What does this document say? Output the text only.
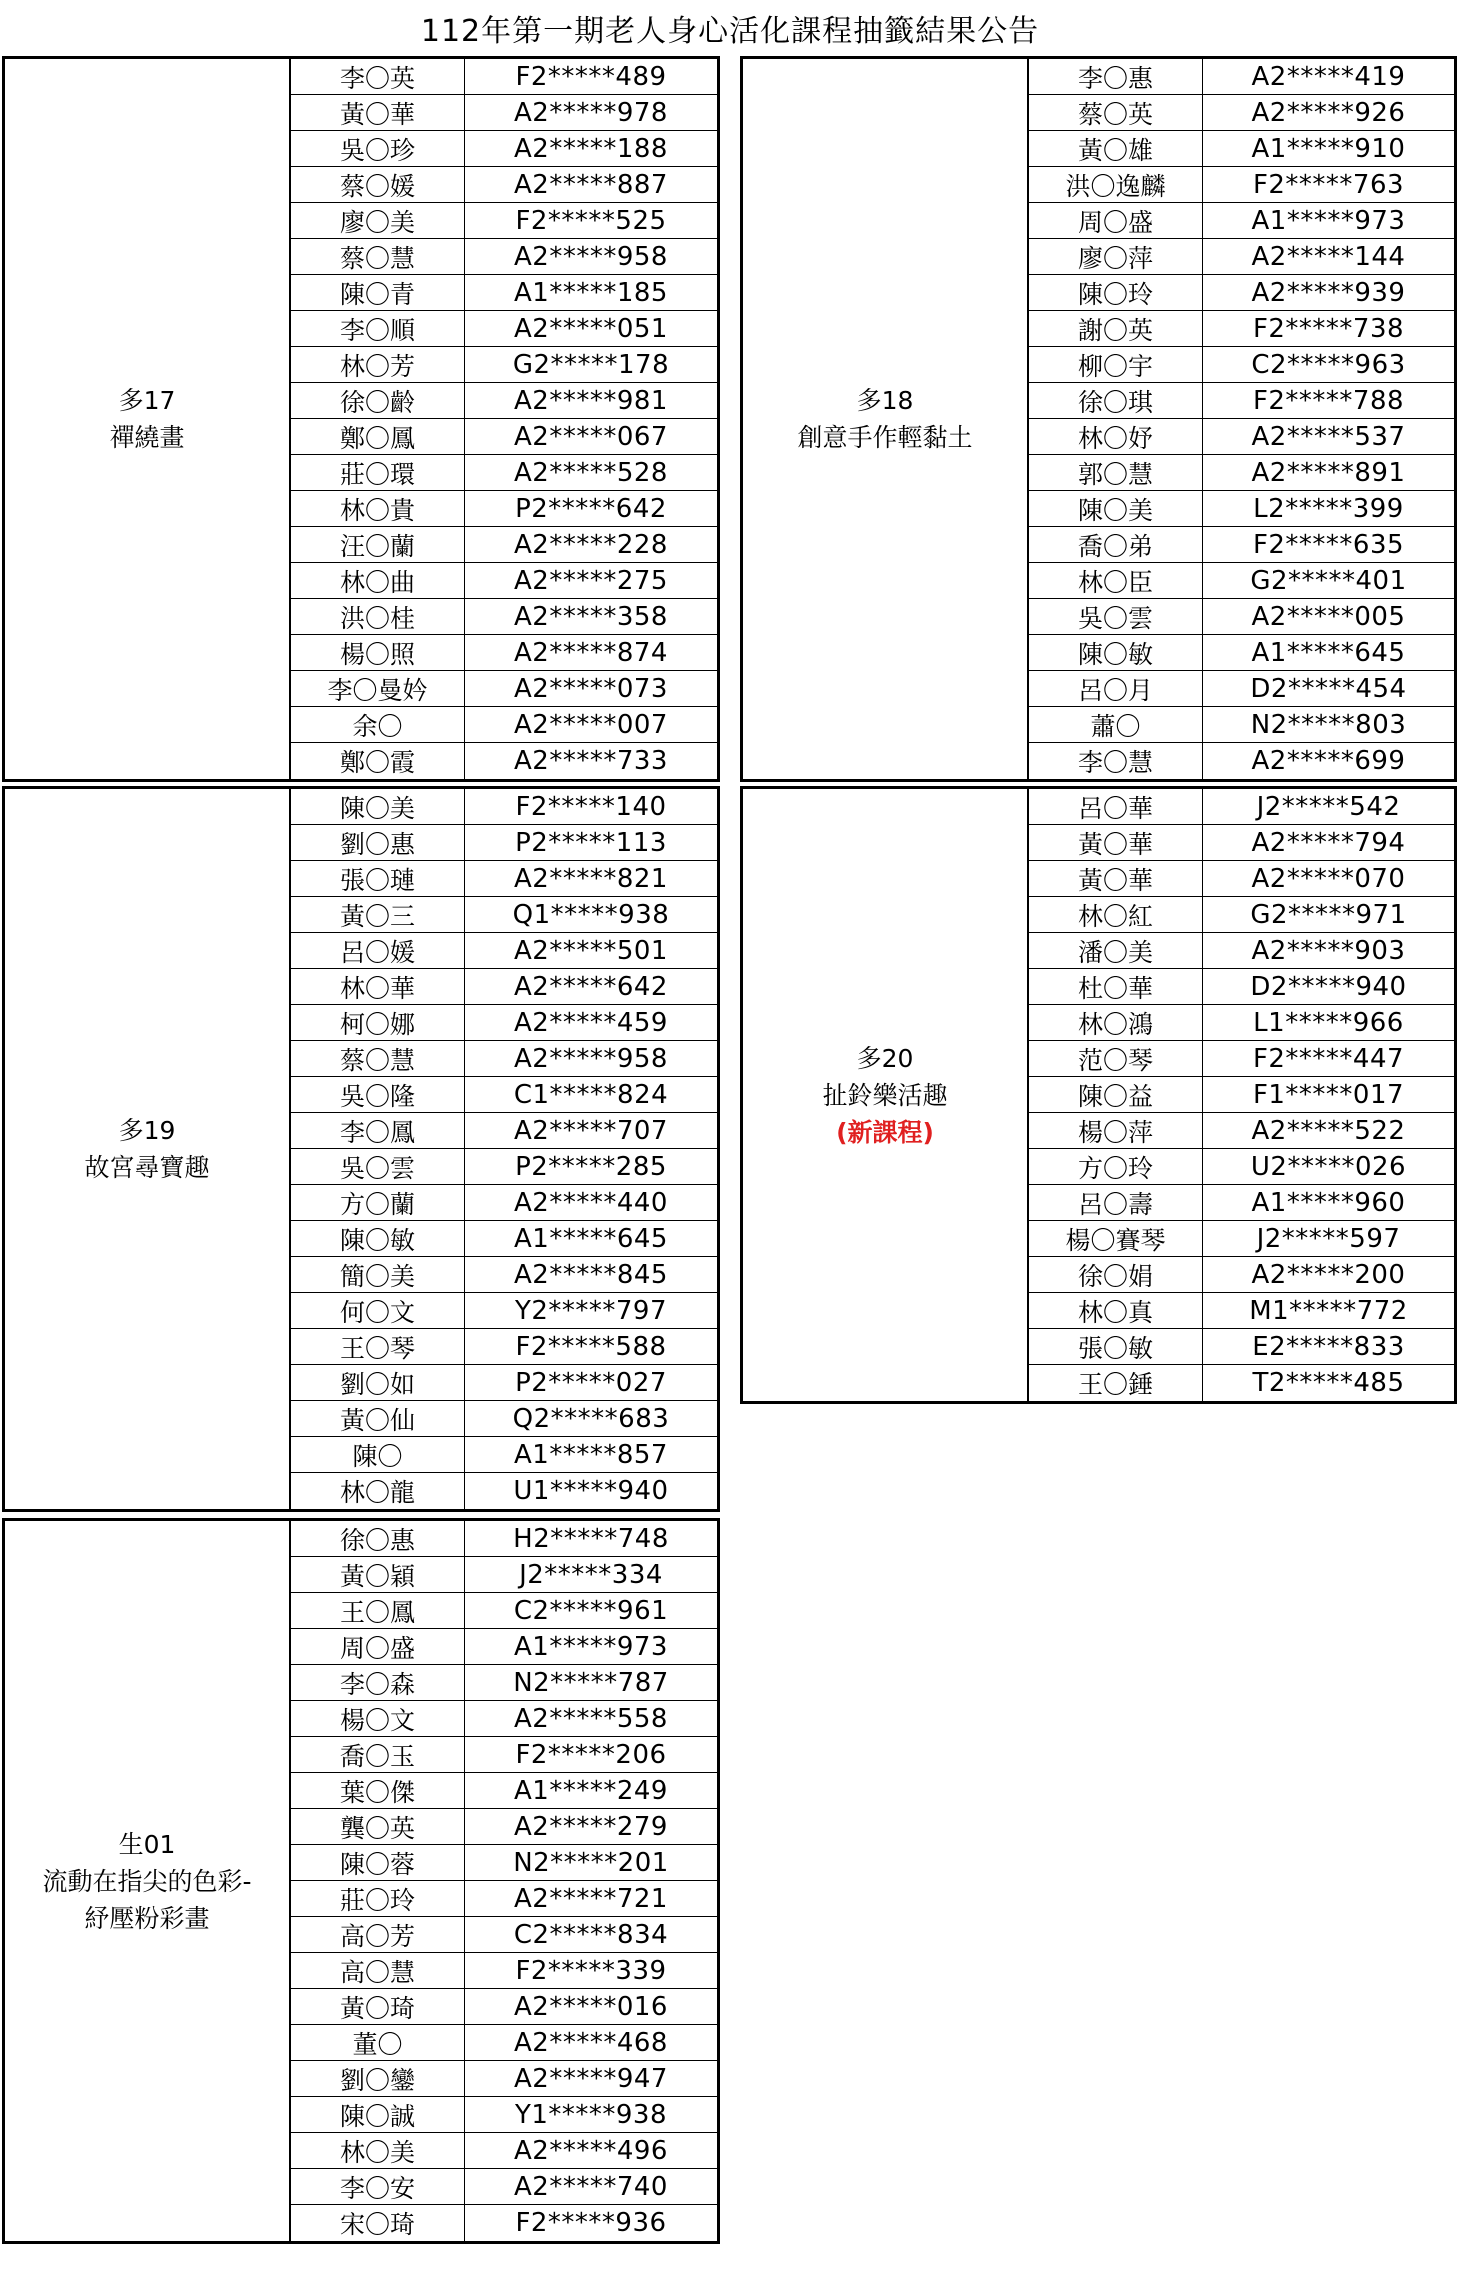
112年第一期老人身心活化課程抽籤結果公告
多17
禪繞畫
李〇英	F2*****489
黃〇華	A2*****978
吳〇珍	A2*****188
蔡〇媛	A2*****887
廖〇美	F2*****525
蔡〇慧	A2*****958
陳〇青	A1*****185
李〇順	A2*****051
林〇芳	G2*****178
徐〇齡	A2*****981
鄭〇鳳	A2*****067
莊〇環	A2*****528
林〇貴	P2*****642
汪〇蘭	A2*****228
林〇曲	A2*****275
洪〇桂	A2*****358
楊〇照	A2*****874
李〇曼妗	A2*****073
余〇	A2*****007
鄭〇霞	A2*****733
多18
創意手作輕黏土
李〇惠	A2*****419
蔡〇英	A2*****926
黃〇雄	A1*****910
洪〇逸麟	F2*****763
周〇盛	A1*****973
廖〇萍	A2*****144
陳〇玲	A2*****939
謝〇英	F2*****738
柳〇宇	C2*****963
徐〇琪	F2*****788
林〇妤	A2*****537
郭〇慧	A2*****891
陳〇美	L2*****399
喬〇弟	F2*****635
林〇臣	G2*****401
吳〇雲	A2*****005
陳〇敏	A1*****645
呂〇月	D2*****454
蕭〇	N2*****803
李〇慧	A2*****699
多19
故宮尋寶趣
陳〇美	F2*****140
劉〇惠	P2*****113
張〇璉	A2*****821
黃〇三	Q1*****938
呂〇媛	A2*****501
林〇華	A2*****642
柯〇娜	A2*****459
蔡〇慧	A2*****958
吳〇隆	C1*****824
李〇鳳	A2*****707
吳〇雲	P2*****285
方〇蘭	A2*****440
陳〇敏	A1*****645
簡〇美	A2*****845
何〇文	Y2*****797
王〇琴	F2*****588
劉〇如	P2*****027
黃〇仙	Q2*****683
陳〇	A1*****857
林〇龍	U1*****940
多20
扯鈴樂活趣
(新課程)
呂〇華	J2*****542
黃〇華	A2*****794
黃〇華	A2*****070
林〇紅	G2*****971
潘〇美	A2*****903
杜〇華	D2*****940
林〇鴻	L1*****966
范〇琴	F2*****447
陳〇益	F1*****017
楊〇萍	A2*****522
方〇玲	U2*****026
呂〇壽	A1*****960
楊〇賽琴	J2*****597
徐〇娟	A2*****200
林〇真	M1*****772
張〇敏	E2*****833
王〇錘	T2*****485
生01
流動在指尖的色彩-
紓壓粉彩畫
徐〇惠	H2*****748
黃〇穎	J2*****334
王〇鳳	C2*****961
周〇盛	A1*****973
李〇森	N2*****787
楊〇文	A2*****558
喬〇玉	F2*****206
葉〇傑	A1*****249
龔〇英	A2*****279
陳〇蓉	N2*****201
莊〇玲	A2*****721
高〇芳	C2*****834
高〇慧	F2*****339
黃〇琦	A2*****016
董〇	A2*****468
劉〇鑾	A2*****947
陳〇誠	Y1*****938
林〇美	A2*****496
李〇安	A2*****740
宋〇琦	F2*****936
